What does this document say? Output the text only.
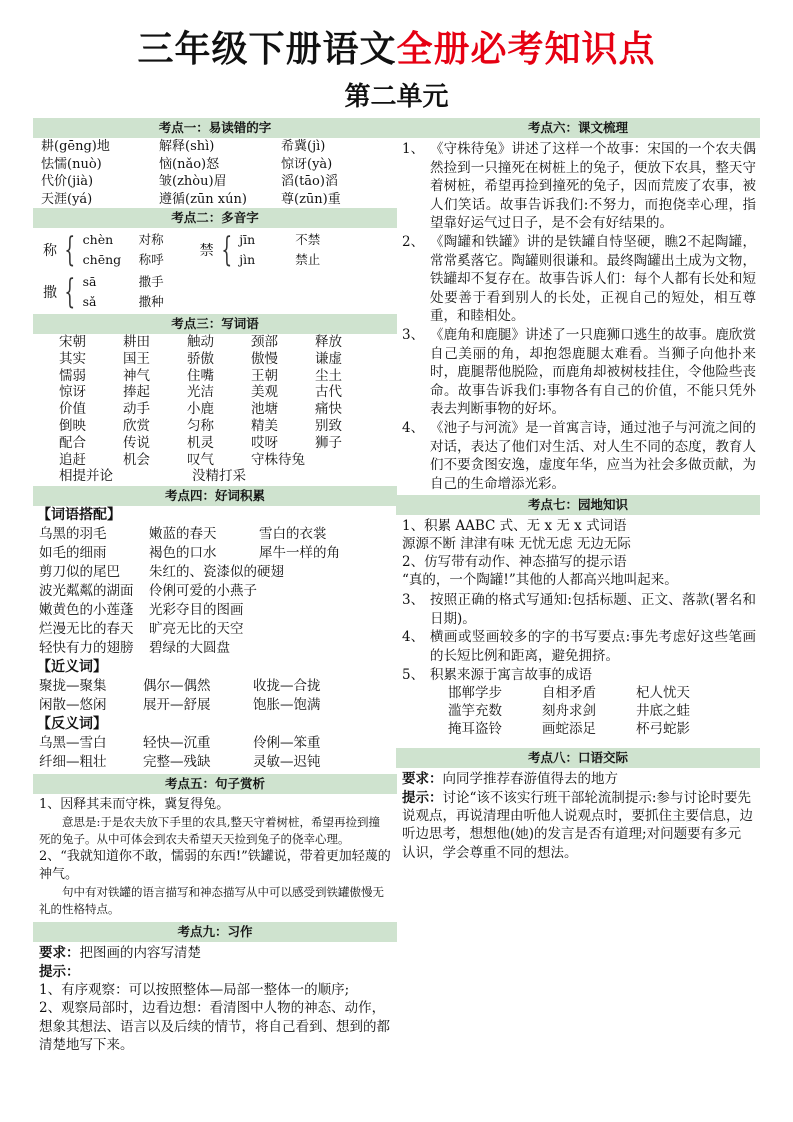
三年级下册语文全册必考知识点
第二单元
考点一：易读错的字
耕(gēng)地	解释(shì)	希冀(jì)
怯懦(nuò)	恼(nǎo)怒	惊讶(yà)
代价(jià)	皱(zhòu)眉	滔(tāo)滔
天涯(yá)	遵循(zūn xún)	尊(zūn)重
考点二：多音字
称 { chèn	对称
chēng	称呼
禁 { jīn	不禁
jìn	禁止
撒 { sā	撒手
sǎ	撒种
考点三：写词语
宋朝	耕田	触动	颈部	释放
其实	国王	骄傲	傲慢	谦虚
懦弱	神气	住嘴	王朝	尘土
惊讶	捧起	光洁	美观	古代
价值	动手	小鹿	池塘	痛快
倒映	欣赏	匀称	精美	别致
配合	传说	机灵	哎呀	狮子
追赶	机会	叹气	守株待兔
相提并论	没精打采
考点四：好词积累
【词语搭配】
乌黑的羽毛	嫩蓝的春天	雪白的衣裳
如毛的细雨	褐色的口水	犀牛一样的角
剪刀似的尾巴 朱红的、瓷漆似的硬翅
波光粼粼的湖面 伶俐可爱的小燕子
嫩黄色的小莲蓬 光彩夺目的图画
烂漫无比的春天 旷亮无比的天空
轻快有力的翅膀 碧绿的大圆盘
【近义词】
聚拢—聚集	偶尔—偶然	收拢—合拢
闲散—悠闲	展开—舒展	饱胀—饱满
【反义词】
乌黑—雪白	轻快—沉重	伶俐—笨重
纤细—粗壮	完整—残缺	灵敏—迟钝
考点五：句子赏析
1、因释其耒而守株，冀复得兔。
意思是:于是农夫放下手里的农具,整天守着树桩，希望再捡到撞死的兔子。从中可体会到农夫希望天天捡到兔子的侥幸心理。
2、“我就知道你不敢，懦弱的东西!”铁罐说，带着更加轻蔑的神气。
句中有对铁罐的语言描写和神态描写从中可以感受到铁罐傲慢无礼的性格特点。
考点九：习作
要求：把图画的内容写清楚
提示：
1、有序观察：可以按照整体—局部一整体一的顺序;
2、观察局部时，边看边想：看清图中人物的神态、动作，想象其想法、语言以及后续的情节，将自己看到、想到的都清楚地写下来。
考点六：课文梳理
1、 《守株待兔》讲述了这样一个故事：宋国的一个农夫偶然捡到一只撞死在树桩上的兔子，便放下农具，整天守着树桩，希望再捡到撞死的兔子，因而荒废了农事，被人们笑话。故事告诉我们:不努力，而抱侥幸心理，指望靠好运气过日子，是不会有好结果的。
2、 《陶罐和铁罐》讲的是铁罐自恃坚硬，瞧2不起陶罐，常常奚落它。陶罐则很谦和。最终陶罐出土成为文物，铁罐却不复存在。故事告诉人们：每个人都有长处和短处要善于看到别人的长处，正视自己的短处，相互尊重，和睦相处。
3、 《鹿角和鹿腿》讲述了一只鹿狮口逃生的故事。鹿欣赏自己美丽的角，却抱怨鹿腿太难看。当狮子向他扑来时，鹿腿帮他脱险，而鹿角却被树枝挂住，令他险些丧命。故事告诉我们:事物各有自己的价值，不能只凭外表去判断事物的好坏。
4、 《池子与河流》是一首寓言诗，通过池子与河流之间的对话，表达了他们对生活、对人生不同的态度，教育人们不要贪图安逸，虚度年华，应当为社会多做贡献，为自己的生命增添光彩。
考点七：园地知识
1、积累 AABC 式、无 x 无 x 式词语
源源不断 津津有味 无忧无虑 无边无际
2、仿写带有动作、神态描写的提示语
“真的，一个陶罐!”其他的人都高兴地叫起来。
3、 按照正确的格式写通知:包括标题、正文、落款(署名和日期)。
4、 横画或竖画较多的字的书写要点:事先考虑好这些笔画的长短比例和距离，避免拥挤。
5、 积累来源于寓言故事的成语
邯郸学步	自相矛盾	杞人忧天
滥竽充数	刻舟求剑	井底之蛙
掩耳盗铃	画蛇添足	杯弓蛇影
考点八：口语交际
要求：向同学推荐春游值得去的地方
提示：讨论“该不该实行班干部轮流制提示:参与讨论时要先说观点，再说清理由听他人说观点时，要抓住主要信息，边听边思考，想想他(她)的发言是否有道理;对问题要有多元认识，学会尊重不同的想法。
